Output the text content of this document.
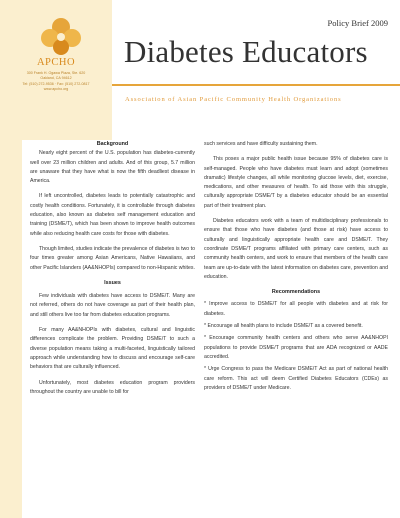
APCHO
300 Frank H. Ogawa Plaza, Ste. 620
Oakland, CA 94612
Tel: (510) 272-9536 · Fax: (510) 272-0817
www.apcho.org
Policy Brief 2009
Diabetes Educators
Association of Asian Pacific Community Health Organizations
Background

Nearly eight percent of the U.S. population has diabetes-currently well over 23 million children and adults. And of this group, 5.7 million are unaware that they have what is now the fifth deadliest disease in America.

If left uncontrolled, diabetes leads to potentially catastrophic and costly health conditions. Fortunately, it is controllable through diabetes education, also known as diabetes self management education and training (DSME/T), which has been shown to improve health outcomes while also reducing health care costs for those with diabetes.

Though limited, studies indicate the prevalence of diabetes is two to four times greater among Asian Americans, Native Hawaiians, and other Pacific Islanders (AA&NHOPIs) compared to non-Hispanic whites.

Issues

Few individuals with diabetes have access to DSME/T. Many are not referred, others do not have coverage as part of their health plan, and still others live too far from diabetes education programs.

For many AA&NHOPIs with diabetes, cultural and linguistic differences complicate the problem. Providing DSME/T to such a diverse population means taking a multi-faceted, linguistically tailored approach while understanding how to discuss and encourage self-care behaviors that are culturally influenced.

Unfortunately, most diabetes education program providers throughout the country are unable to bill for

such services and have difficulty sustaining them.

This poses a major public health issue because 95% of diabetes care is self-managed. People who have diabetes must learn and adopt (sometimes dramatic) lifestyle changes, all while monitoring glucose levels, diet, exercise, medications, and other measures of health. To aid those with this struggle, culturally appropriate DSME/T by a diabetes educator should be an essential part of their treatment plan.

Diabetes educators work with a team of multidisciplinary professionals to ensure that those who have diabetes (and those at risk) have access to culturally and linguistically appropriate health care and DSME/T. They coordinate DSME/T programs affiliated with primary care centers, such as community health centers, and work to ensure that members of the health care team are up-to-date with the latest information on diabetes care, prevention and education.

Recommendations

* Improve access to DSME/T for all people with diabetes and at risk for diabetes.

* Encourage all health plans to include DSME/T as a covered benefit.

* Encourage community health centers and others who serve AA&NHOPI populations to provide DSME/T programs that are ADA recognized or AADE accredited.

* Urge Congress to pass the Medicare DSME/T Act as part of national health care reform. This act will deem Certified Diabetes Educators (CDEs) as providers of DSME/T under Medicare.
